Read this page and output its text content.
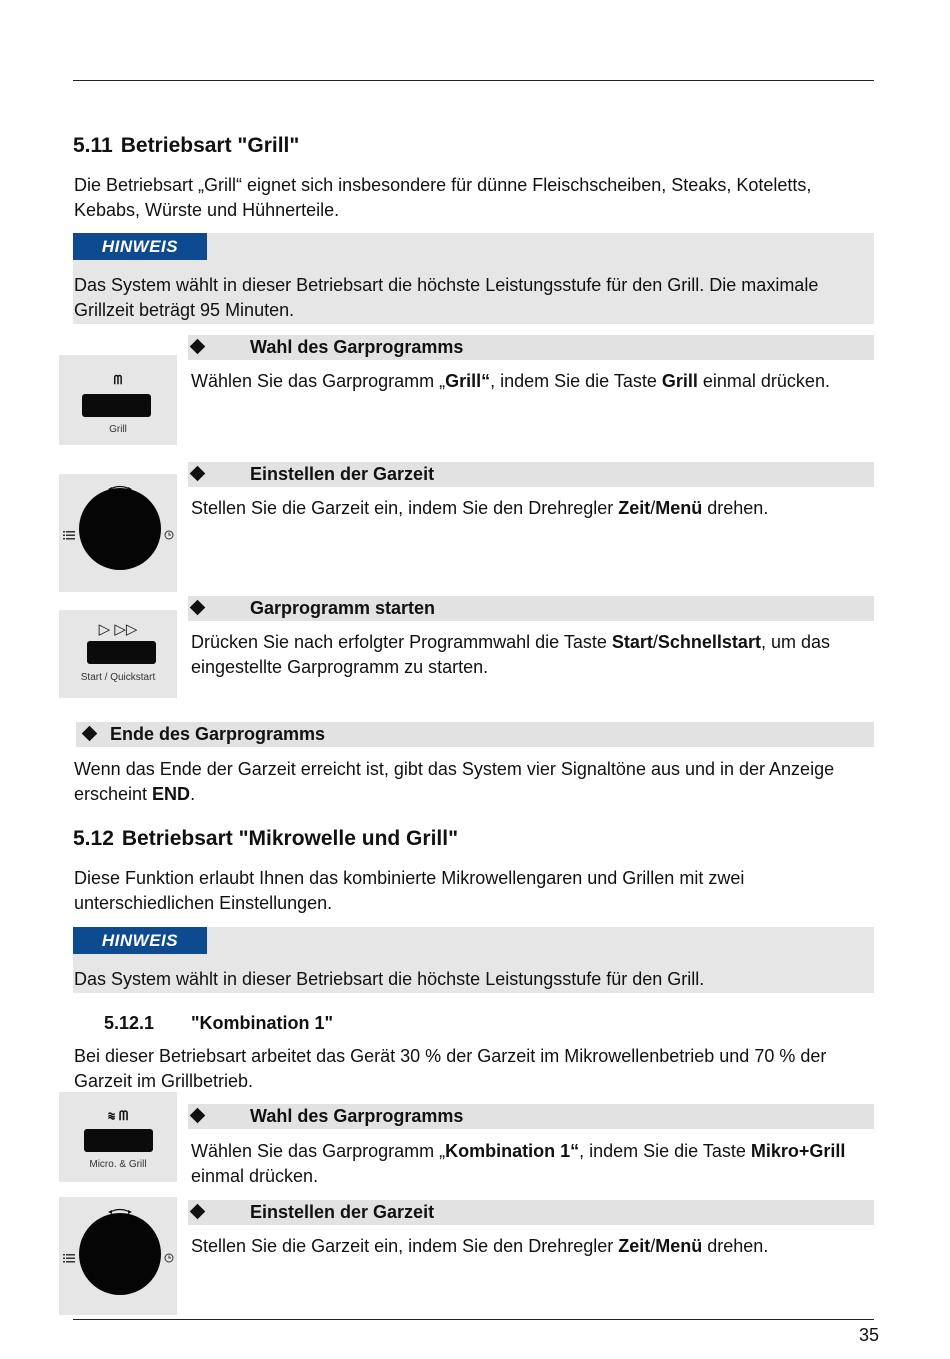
5.11 Betriebsart "Grill"

Die Betriebsart „Grill“ eignet sich insbesondere für dünne Fleischscheiben, Steaks, Koteletts, Kebabs, Würste und Hühnerteile.

HINWEIS
Das System wählt in dieser Betriebsart die höchste Leistungsstufe für den Grill. Die maximale Grillzeit beträgt 95 Minuten.
ᗰ
Grill
Wahl des Garprogramms
Wählen Sie das Garprogramm „Grill“, indem Sie die Taste Grill einmal drücken.
Einstellen der Garzeit
Stellen Sie die Garzeit ein, indem Sie den Drehregler Zeit/Menü drehen.
▷ ▷▷
Start / Quickstart
Garprogramm starten
Drücken Sie nach erfolgter Programmwahl die Taste Start/Schnellstart, um das eingestellte Garprogramm zu starten.
Ende des Garprogramms

Wenn das Ende der Garzeit erreicht ist, gibt das System vier Signaltöne aus und in der Anzeige erscheint END.

5.12 Betriebsart "Mikrowelle und Grill"

Diese Funktion erlaubt Ihnen das kombinierte Mikrowellengaren und Grillen mit zwei unterschiedlichen Einstellungen.

HINWEIS
Das System wählt in dieser Betriebsart die höchste Leistungsstufe für den Grill.
5.12.1 "Kombination 1"

Bei dieser Betriebsart arbeitet das Gerät 30 % der Garzeit im Mikrowellenbetrieb und 70 % der Garzeit im Grillbetrieb.

≋ ᗰ
Micro. & Grill
Wahl des Garprogramms
Wählen Sie das Garprogramm „Kombination 1“, indem Sie die Taste Mikro+Grill einmal drücken.
Einstellen der Garzeit
Stellen Sie die Garzeit ein, indem Sie den Drehregler Zeit/Menü drehen.
35
